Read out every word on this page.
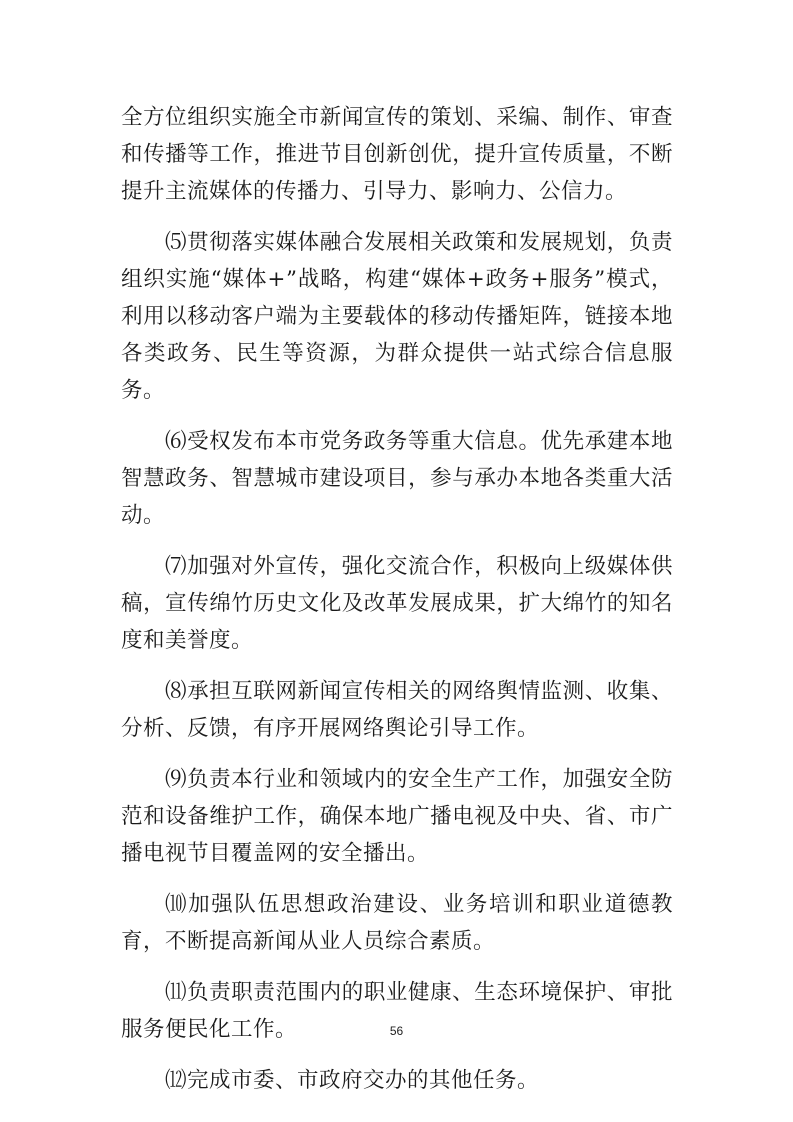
全方位组织实施全市新闻宣传的策划、采编、制作、审查和传播等工作，推进节目创新创优，提升宣传质量，不断提升主流媒体的传播力、引导力、影响力、公信力。

⑸贯彻落实媒体融合发展相关政策和发展规划，负责组织实施“媒体+”战略，构建“媒体+政务+服务”模式，利用以移动客户端为主要载体的移动传播矩阵，链接本地各类政务、民生等资源，为群众提供一站式综合信息服务。

⑹受权发布本市党务政务等重大信息。优先承建本地智慧政务、智慧城市建设项目，参与承办本地各类重大活动。

⑺加强对外宣传，强化交流合作，积极向上级媒体供稿，宣传绵竹历史文化及改革发展成果，扩大绵竹的知名度和美誉度。

⑻承担互联网新闻宣传相关的网络舆情监测、收集、分析、反馈，有序开展网络舆论引导工作。

⑼负责本行业和领域内的安全生产工作，加强安全防范和设备维护工作，确保本地广播电视及中央、省、市广播电视节目覆盖网的安全播出。

⑽加强队伍思想政治建设、业务培训和职业道德教育，不断提高新闻从业人员综合素质。

⑾负责职责范围内的职业健康、生态环境保护、审批服务便民化工作。

⑿完成市委、市政府交办的其他任务。

56
